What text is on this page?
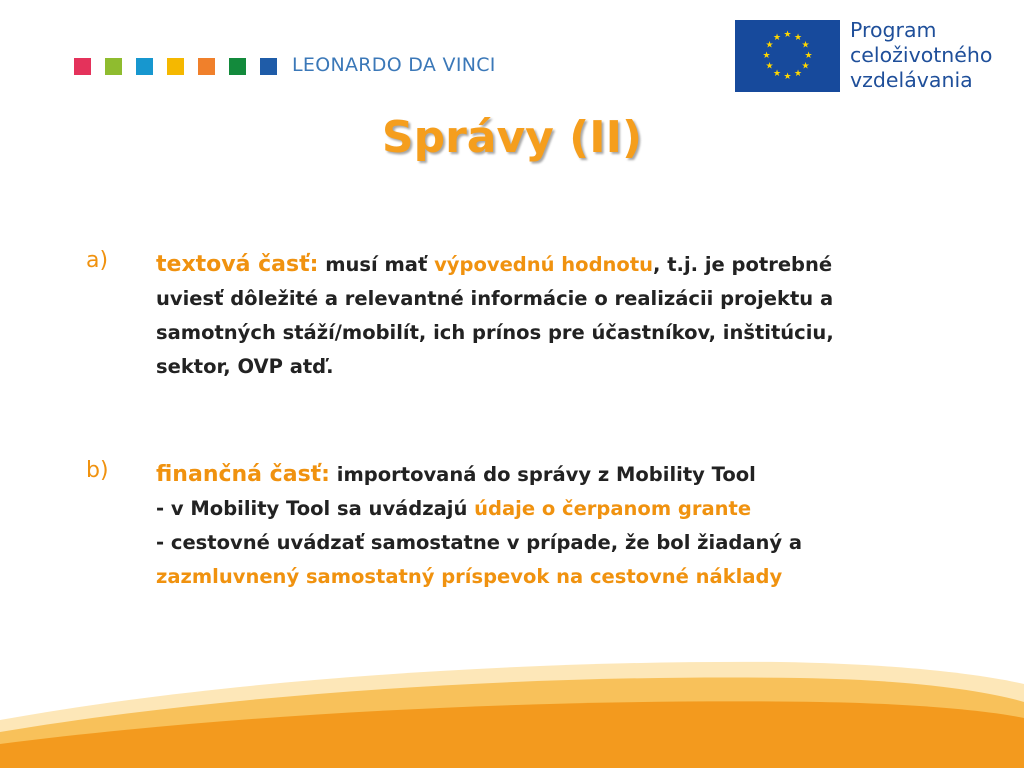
LEONARDO DA VINCI
★ ★
★
★
★
★
★
★
★
★
★
★	Program
celoživotného
vzdelávania
Správy (II)
a) textová časť: musí mať výpovednú hodnotu, t.j. je potrebné uviesť dôležité a relevantné informácie o realizácii projektu a samotných stáží/mobilít, ich prínos pre účastníkov, inštitúciu, sektor, OVP atď.
b) finančná časť: importovaná do správy z Mobility Tool
- v Mobility Tool sa uvádzajú údaje o čerpanom grante
- cestovné uvádzať samostatne v prípade, že bol žiadaný a zazmluvnený samostatný príspevok na cestovné náklady
